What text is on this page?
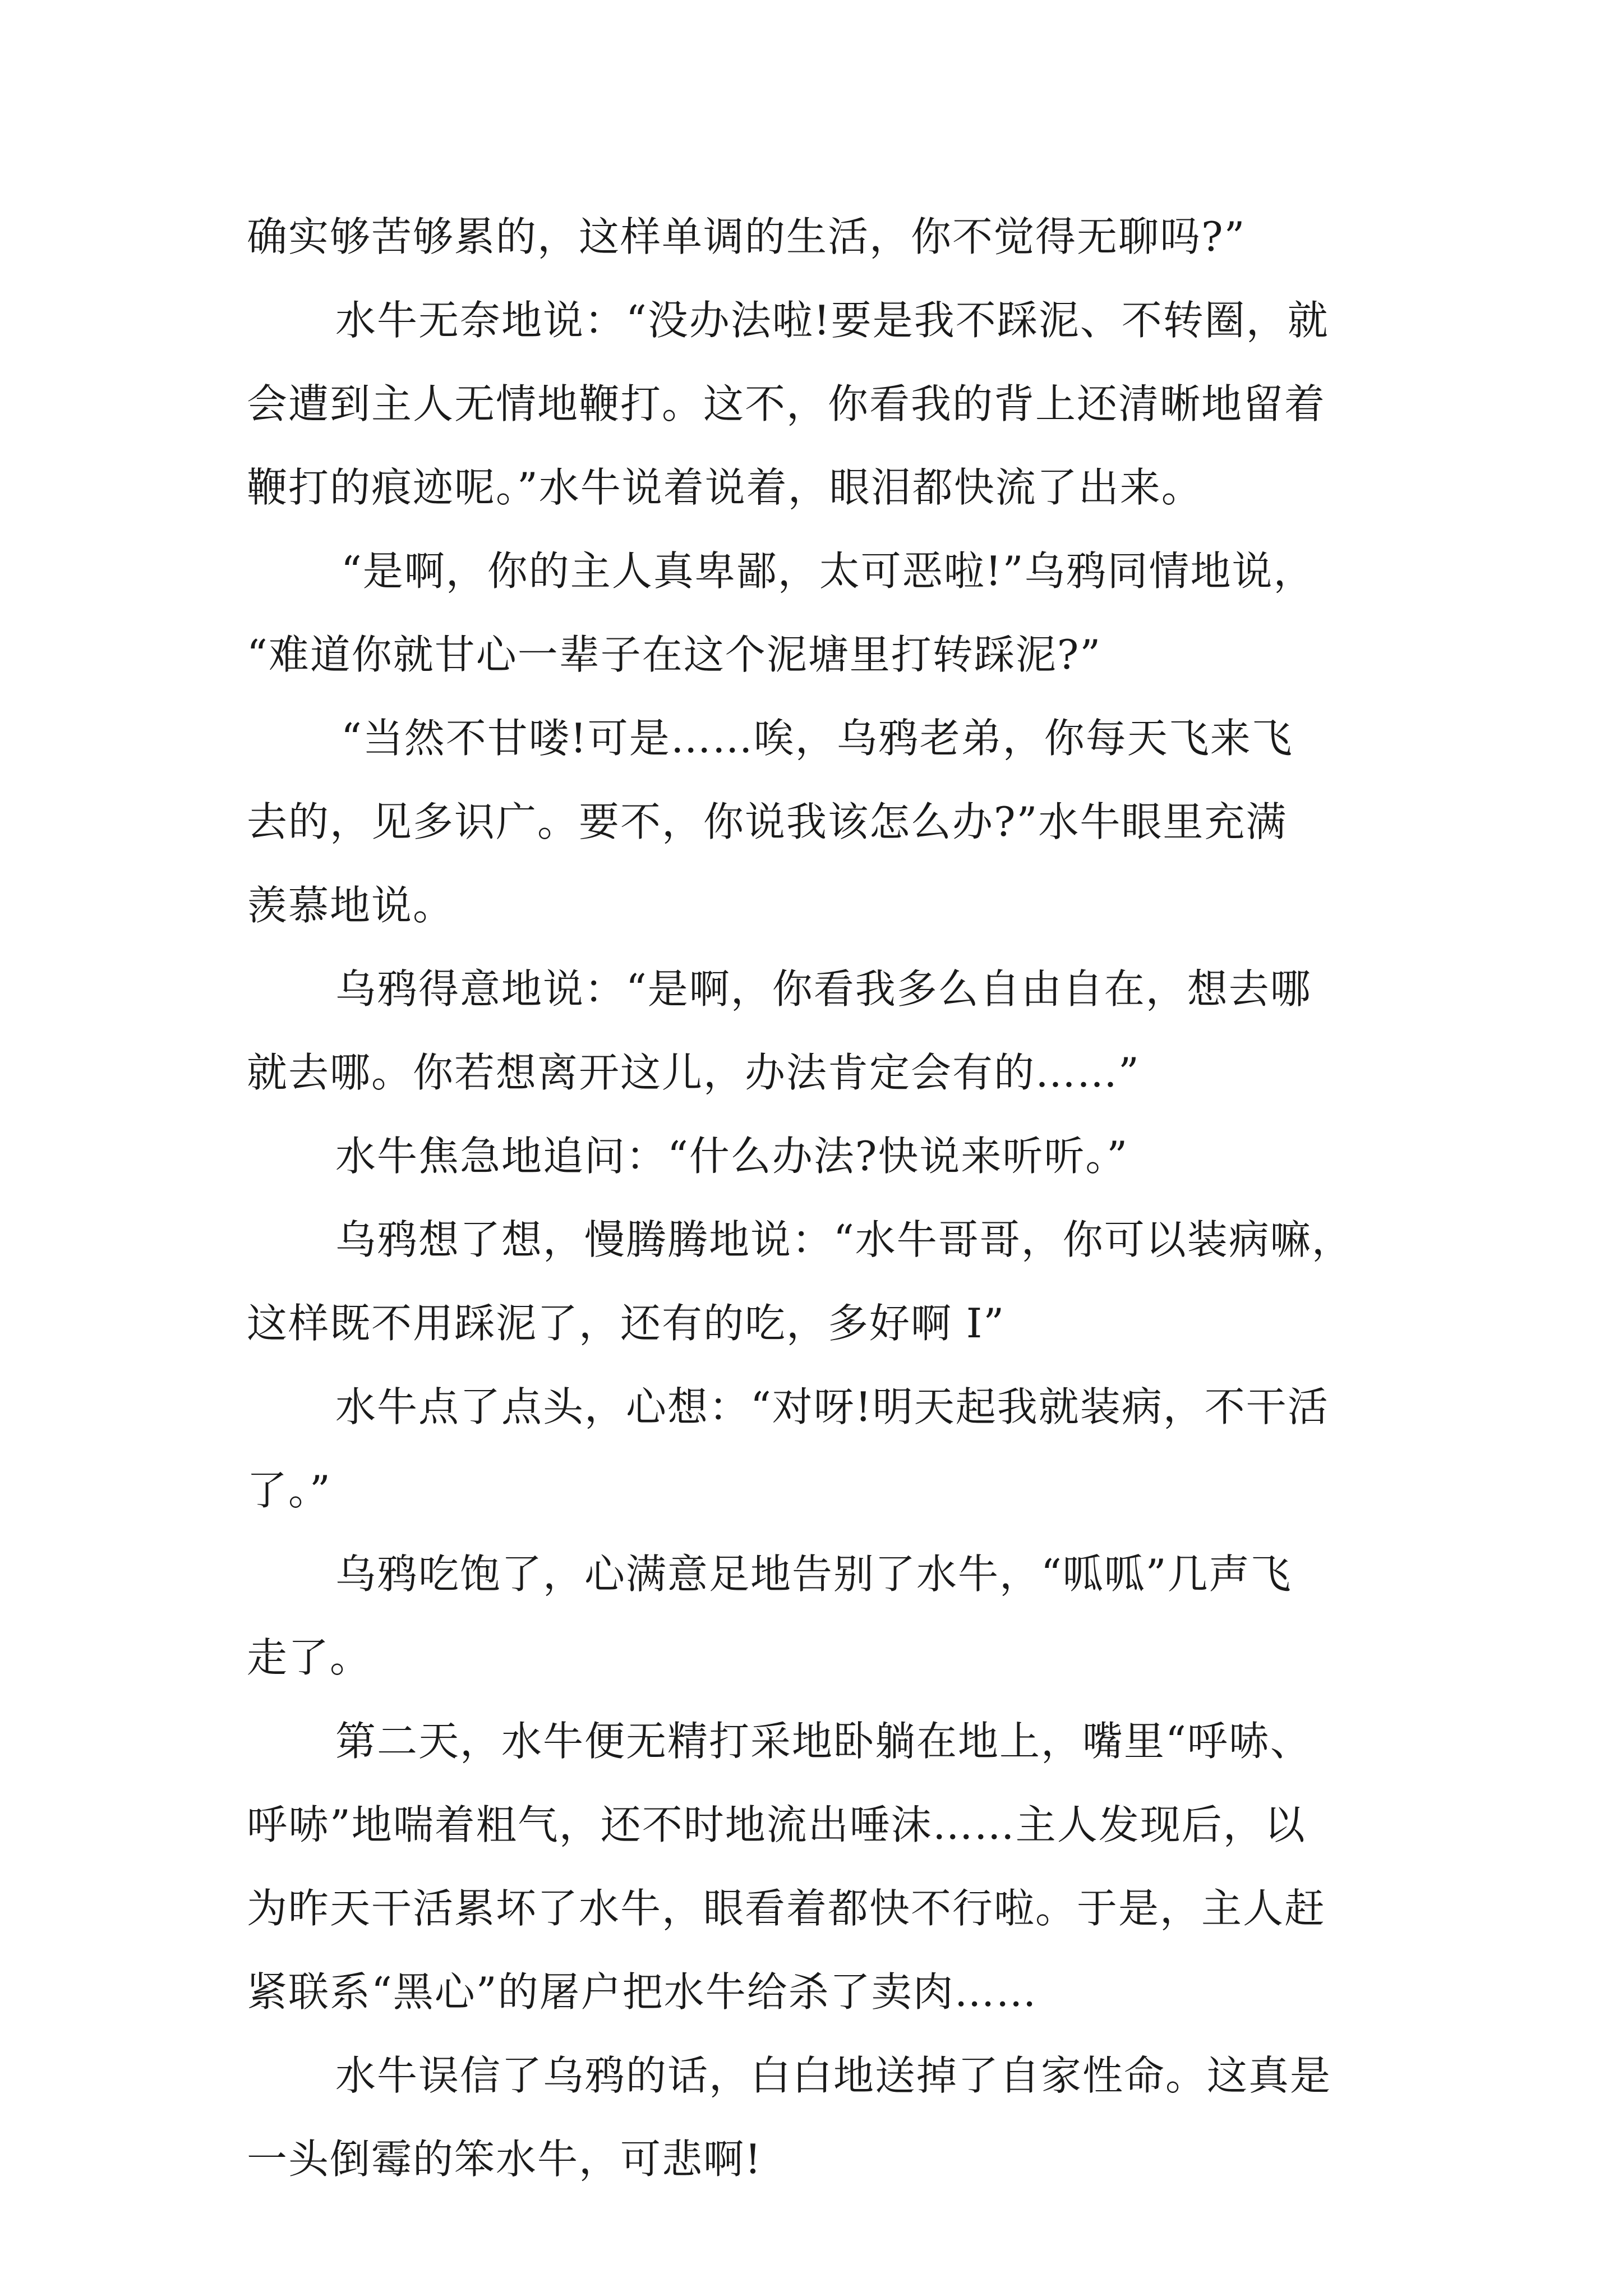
确实够苦够累的，这样单调的生活，你不觉得无聊吗?”

水牛无奈地说：“没办法啦!要是我不踩泥、不转圈，就

会遭到主人无情地鞭打。这不，你看我的背上还清晰地留着

鞭打的痕迹呢。”水牛说着说着，眼泪都快流了出来。

“是啊，你的主人真卑鄙，太可恶啦!”乌鸦同情地说，

“难道你就甘心一辈子在这个泥塘里打转踩泥?”

“当然不甘喽!可是……唉，乌鸦老弟，你每天飞来飞

去的，见多识广。要不，你说我该怎么办?”水牛眼里充满

羡慕地说。

乌鸦得意地说：“是啊，你看我多么自由自在，想去哪

就去哪。你若想离开这儿，办法肯定会有的……”

水牛焦急地追问：“什么办法?快说来听听。”

乌鸦想了想，慢腾腾地说：“水牛哥哥，你可以装病嘛，

这样既不用踩泥了，还有的吃，多好啊 I”

水牛点了点头，心想：“对呀!明天起我就装病，不干活

了。”

乌鸦吃饱了，心满意足地告别了水牛，“呱呱”几声飞

走了。

第二天，水牛便无精打采地卧躺在地上，嘴里“呼哧、

呼哧”地喘着粗气，还不时地流出唾沫……主人发现后，以

为昨天干活累坏了水牛，眼看着都快不行啦。于是，主人赶

紧联系“黑心”的屠户把水牛给杀了卖肉……

水牛误信了乌鸦的话，白白地送掉了自家性命。这真是

一头倒霉的笨水牛，可悲啊!
